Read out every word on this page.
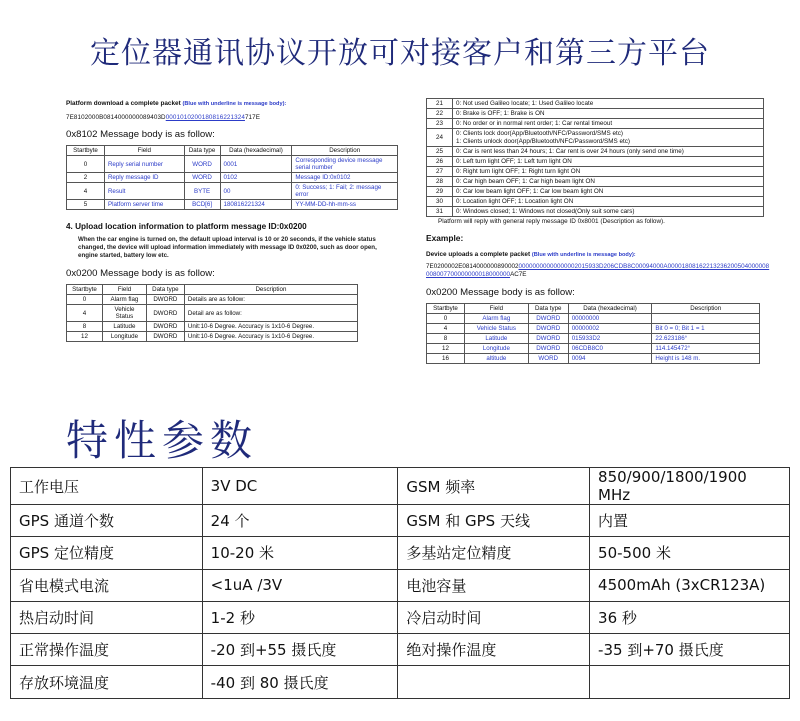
定位器通讯协议开放可对接客户和第三方平台
Platform download a complete packet (Blue with underline is message body):
7E8102000B0814000000089403D0001010200180816221324717E
0x8102 Message body is as follow:
Startbyte	Field	Data type	Data (hexadecimal)	Description
0	Reply serial number	WORD	0001	Corresponding device message serial number
2	Reply message ID	WORD	0102	Message ID:0x0102
4	Result	BYTE	00	0: Success; 1: Fail; 2: message error
5	Platform server time	BCD[6]	180816221324	YY-MM-DD-hh-mm-ss
4. Upload location information to platform message ID:0x0200
When the car engine is turned on, the default upload interval is 10 or 20 seconds, if the vehicle status changed, the device will upload information immediately with message ID 0x0200, such as door open, engine started, battery low etc.
0x0200 Message body is as follow:
Startbyte	Field	Data type	Description
0	Alarm flag	DWORD	Details are as follow:
4	Vehicle Status	DWORD	Detail are as follow:
8	Latitude	DWORD	Unit:10-6 Degree. Accuracy is 1x10-6 Degree.
12	Longitude	DWORD	Unit:10-6 Degree. Accuracy is 1x10-6 Degree.
21	0: Not used Galileo locate; 1: Used Galileo locate
22	0: Brake is OFF; 1: Brake is ON
23	0: No order or in normal rent order; 1: Car rental timeout
24	0: Clients lock door(App/Bluetooth/NFC/Password/SMS etc)
1: Clients unlock door(App/Bluetooth/NFC/Password/SMS etc)
25	0: Car is rent less than 24 hours; 1: Car rent is over 24 hours (only send one time)
26	0: Left turn light OFF; 1: Left turn light ON
27	0: Right turn light OFF; 1: Right turn light ON
28	0: Car high beam OFF; 1: Car high beam light ON
29	0: Car low beam light OFF; 1: Car low beam light ON
30	0: Location light OFF; 1: Location light ON
31	0: Windows closed; 1: Windows not closed(Only suit some cars)
Platform will reply with general reply message ID 0x8001 (Description as follow).
Example:
Device uploads a complete packet (Blue with underline is message body):
7E0200002E081400000089000200000000000000002015933D206CDB8C00094000A00001808162213236200504000008008007700000000018000000AC7E
0x0200 Message body is as follow:
Startbyte	Field	Data type	Data (hexadecimal)	Description
0	Alarm flag	DWORD	00000000	
4	Vehicle Status	DWORD	00000002	Bit 0 = 0; Bit 1 = 1
8	Latitude	DWORD	015933D2	22.623186°
12	Longitude	DWORD	06CDB8C0	114.145472°
16	altitude	WORD	0094	Height is 148 m.
特性参数
工作电压	3V DC	GSM 频率	850/900/1800/1900 MHz
GPS 通道个数	24 个	GSM 和 GPS 天线	内置
GPS 定位精度	10-20 米	多基站定位精度	50-500 米
省电模式电流	<1uA /3V	电池容量	4500mAh (3xCR123A)
热启动时间	1-2 秒	冷启动时间	36 秒
正常操作温度	-20 到+55 摄氏度	绝对操作温度	-35 到+70 摄氏度
存放环境温度	-40 到 80 摄氏度		
